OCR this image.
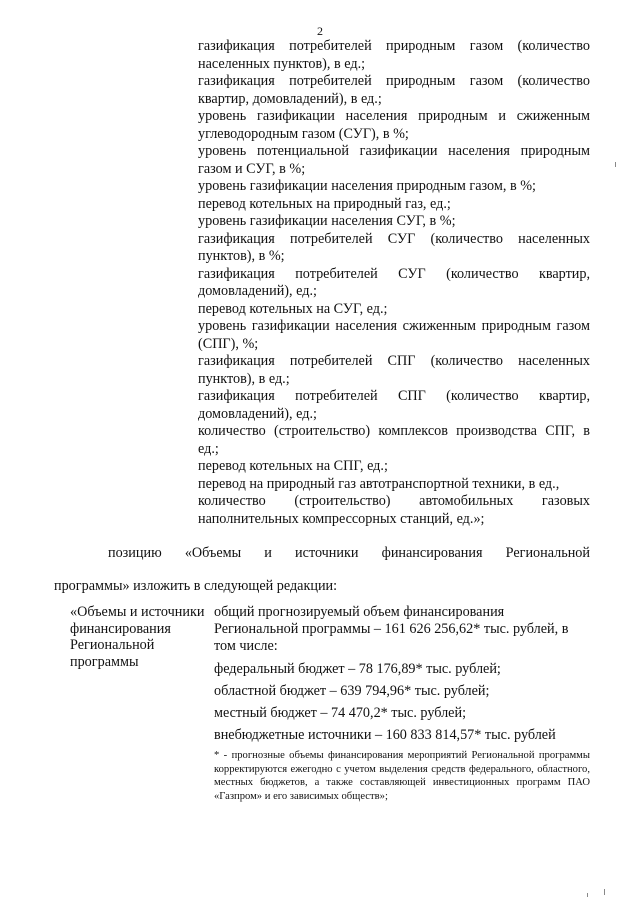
2
газификация потребителей природным газом (количество населенных пунктов), в ед.;
газификация потребителей природным газом (количество квартир, домовладений), в ед.;
уровень газификации населения природным и сжиженным углеводородным газом (СУГ), в %;
уровень потенциальной газификации населения природным газом и СУГ, в %;
уровень газификации населения природным газом, в %;
перевод котельных на природный газ, ед.;
уровень газификации населения СУГ, в %;
газификация потребителей СУГ (количество населенных пунктов), в %;
газификация потребителей СУГ (количество квартир, домовладений), ед.;
перевод котельных на СУГ, ед.;
уровень газификации населения сжиженным природным газом (СПГ), %;
газификация потребителей СПГ (количество населенных пунктов), в ед.;
газификация потребителей СПГ (количество квартир, домовладений), ед.;
количество (строительство) комплексов производства СПГ, в ед.;
перевод котельных на СПГ, ед.;
перевод на природный газ автотранспортной техники, в ед.,
количество (строительство) автомобильных газовых наполнительных компрессорных станций, ед.»;

позицию «Объемы и источники финансирования Региональной

программы» изложить в следующей редакции:

«Объемы и источники финансирования Региональной программы

общий прогнозируемый объем финансирования Региональной программы – 161 626 256,62* тыс. рублей, в том числе:

федеральный бюджет – 78 176,89* тыс. рублей;

областной бюджет – 639 794,96* тыс. рублей;

местный бюджет – 74 470,2* тыс. рублей;

внебюджетные источники – 160 833 814,57* тыс. рублей

* - прогнозные объемы финансирования мероприятий Региональной программы корректируются ежегодно с учетом выделения средств федерального, областного, местных бюджетов, а также составляющей инвестиционных программ ПАО «Газпром» и его зависимых обществ»;
